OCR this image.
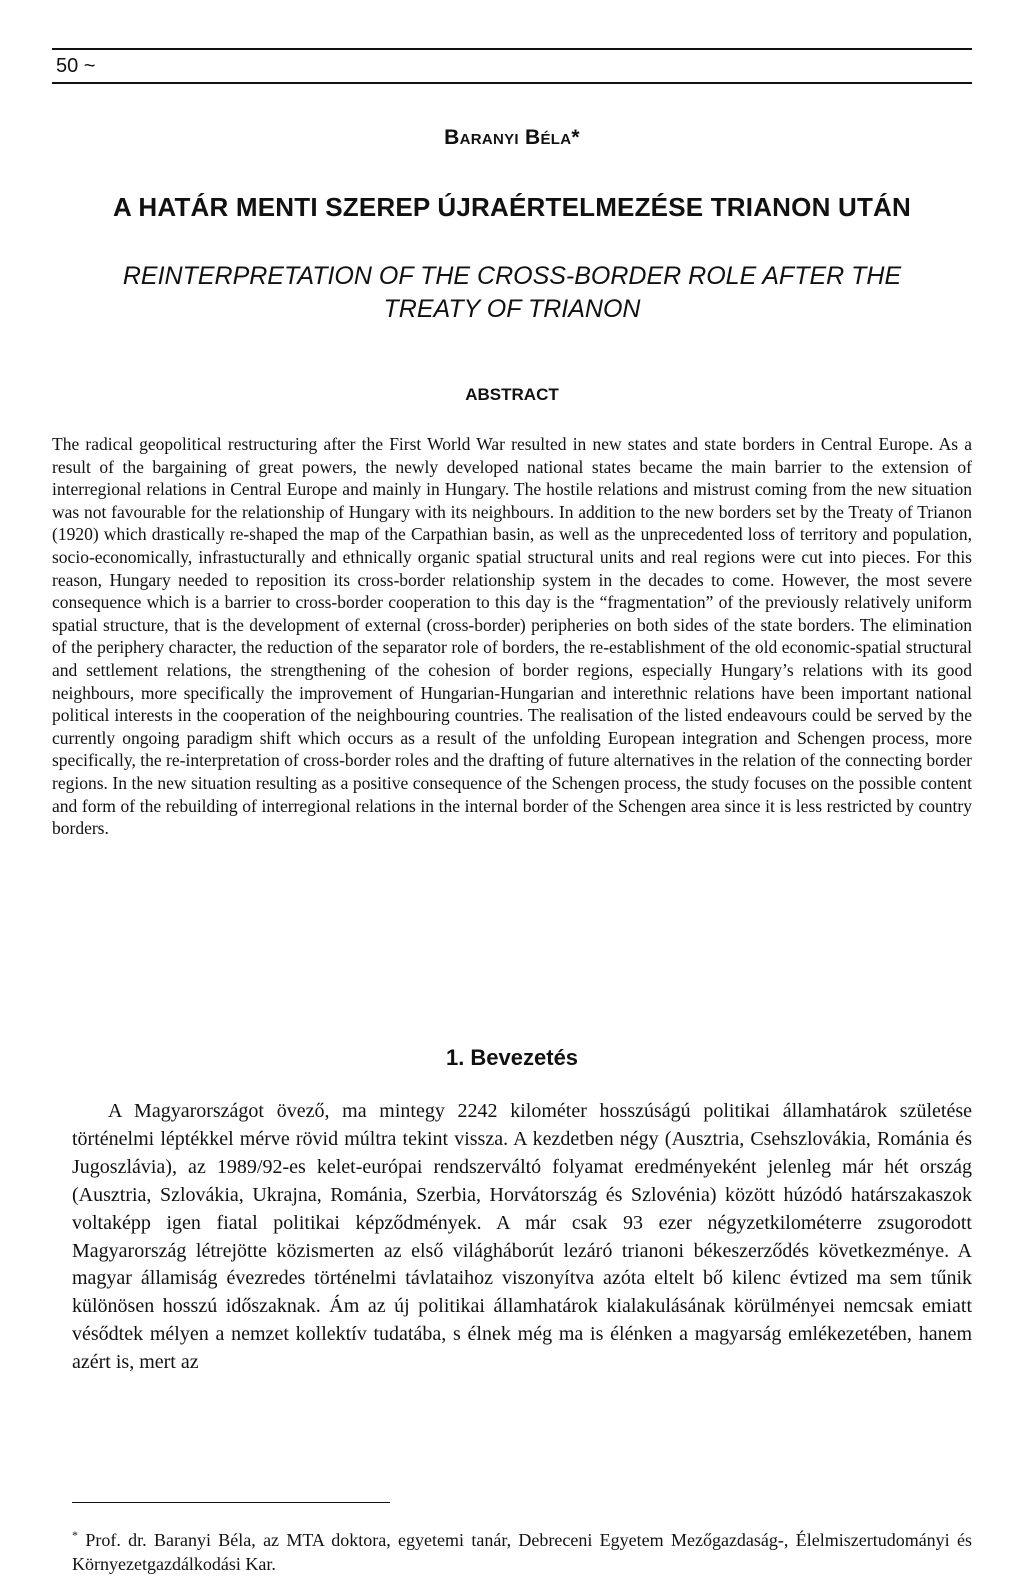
50 ~
Baranyi Béla*
A HATÁR MENTI SZEREP ÚJRAÉRTELMEZÉSE TRIANON UTÁN
REINTERPRETATION OF THE CROSS-BORDER ROLE AFTER THE TREATY OF TRIANON
ABSTRACT

The radical geopolitical restructuring after the First World War resulted in new states and state borders in Central Europe. As a result of the bargaining of great powers, the newly developed national states became the main barrier to the extension of interregional relations in Central Europe and mainly in Hungary. The hostile relations and mistrust coming from the new situation was not favourable for the relationship of Hungary with its neighbours. In addition to the new borders set by the Treaty of Trianon (1920) which drastically re-shaped the map of the Carpathian basin, as well as the unprecedented loss of territory and population, socio-economically, infrastucturally and ethnically organic spatial structural units and real regions were cut into pieces. For this reason, Hungary needed to reposition its cross-border relationship system in the decades to come. However, the most severe consequence which is a barrier to cross-border cooperation to this day is the “fragmentation” of the previously relatively uniform spatial structure, that is the development of external (cross-border) peripheries on both sides of the state borders. The elimination of the periphery character, the reduction of the separator role of borders, the re-establishment of the old economic-spatial structural and settlement relations, the strengthening of the cohesion of border regions, especially Hungary’s relations with its good neighbours, more specifically the improvement of Hungarian-Hungarian and interethnic relations have been important national political interests in the cooperation of the neighbouring countries. The realisation of the listed endeavours could be served by the currently ongoing paradigm shift which occurs as a result of the unfolding European integration and Schengen process, more specifically, the re-interpretation of cross-border roles and the drafting of future alternatives in the relation of the connecting border regions. In the new situation resulting as a positive consequence of the Schengen process, the study focuses on the possible content and form of the rebuilding of interregional relations in the internal border of the Schengen area since it is less restricted by country borders.

1. Bevezetés

A Magyarországot övező, ma mintegy 2242 kilométer hosszúságú politikai államhatárok születése történelmi léptékkel mérve rövid múltra tekint vissza. A kezdetben négy (Ausztria, Csehszlovákia, Románia és Jugoszlávia), az 1989/92-es kelet-európai rendszerváltó folyamat eredményeként jelenleg már hét ország (Ausztria, Szlovákia, Ukrajna, Románia, Szerbia, Horvátország és Szlovénia) között húzódó határszakaszok voltaképp igen fiatal politikai képződmények. A már csak 93 ezer négyzetkilométerre zsugorodott Magyarország létrejötte közismerten az első világháborút lezáró trianoni békeszerződés következménye. A magyar államiság évezredes történelmi távlataihoz viszonyítva azóta eltelt bő kilenc évtized ma sem tűnik különösen hosszú időszaknak. Ám az új politikai államhatárok kialakulásának körülményei nemcsak emiatt vésődtek mélyen a nemzet kollektív tudatába, s élnek még ma is élénken a magyarság emlékezetében, hanem azért is, mert az

* Prof. dr. Baranyi Béla, az MTA doktora, egyetemi tanár, Debreceni Egyetem Mezőgazdaság-, Élelmiszertudományi és Környezetgazdálkodási Kar.
